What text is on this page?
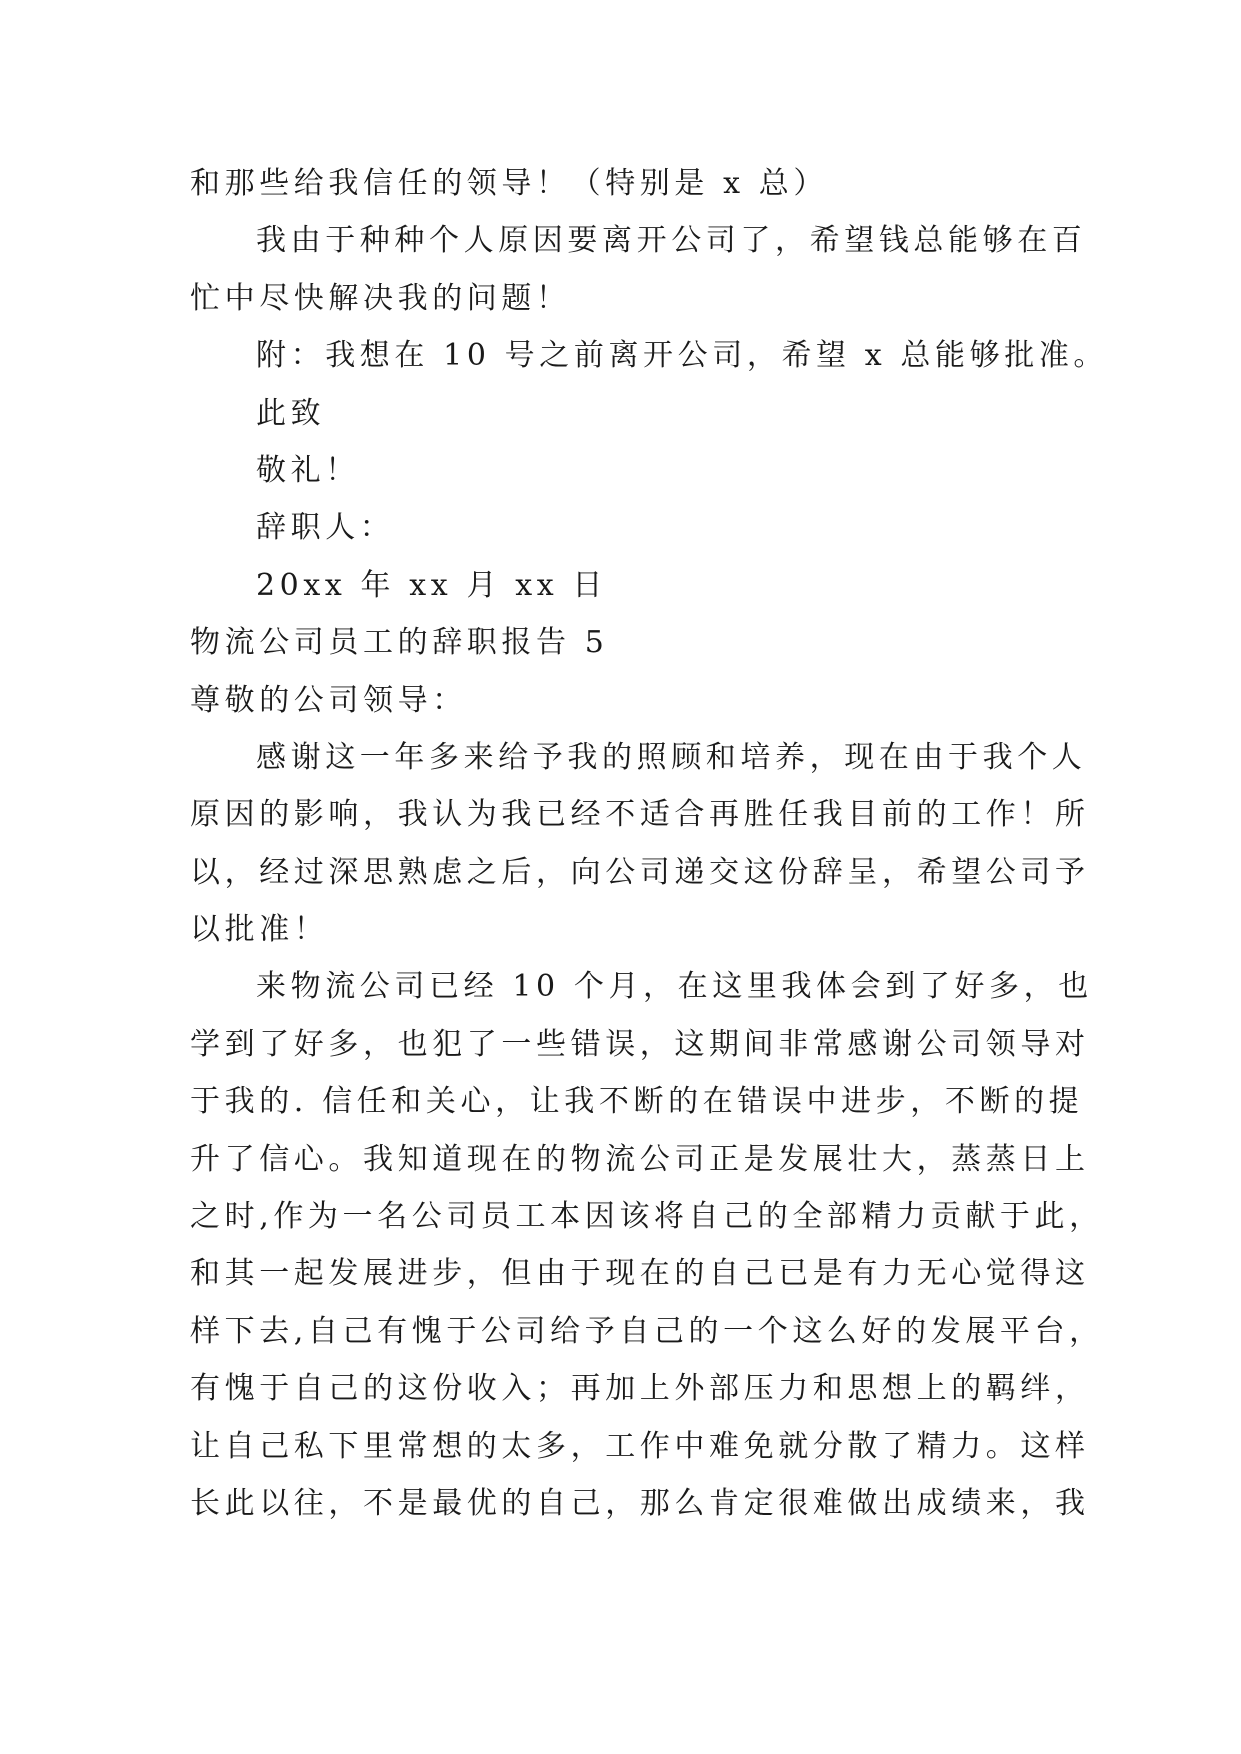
和那些给我信任的领导！（特别是 x 总）
我由于种种个人原因要离开公司了，希望钱总能够在百
忙中尽快解决我的问题！
附：我想在 10 号之前离开公司，希望 x 总能够批准。
此致
敬礼！
辞职人：
20xx 年 xx 月 xx 日
物流公司员工的辞职报告 5
尊敬的公司领导：
感谢这一年多来给予我的照顾和培养，现在由于我个人
原因的影响，我认为我已经不适合再胜任我目前的工作！所
以，经过深思熟虑之后，向公司递交这份辞呈，希望公司予
以批准！
来物流公司已经 10 个月，在这里我体会到了好多，也
学到了好多，也犯了一些错误，这期间非常感谢公司领导对
于我的. 信任和关心，让我不断的在错误中进步，不断的提
升了信心。我知道现在的物流公司正是发展壮大，蒸蒸日上
之时,作为一名公司员工本因该将自己的全部精力贡献于此，
和其一起发展进步，但由于现在的自己已是有力无心觉得这
样下去,自己有愧于公司给予自己的一个这么好的发展平台，
有愧于自己的这份收入；再加上外部压力和思想上的羁绊，
让自己私下里常想的太多，工作中难免就分散了精力。这样
长此以往，不是最优的自己，那么肯定很难做出成绩来，我
